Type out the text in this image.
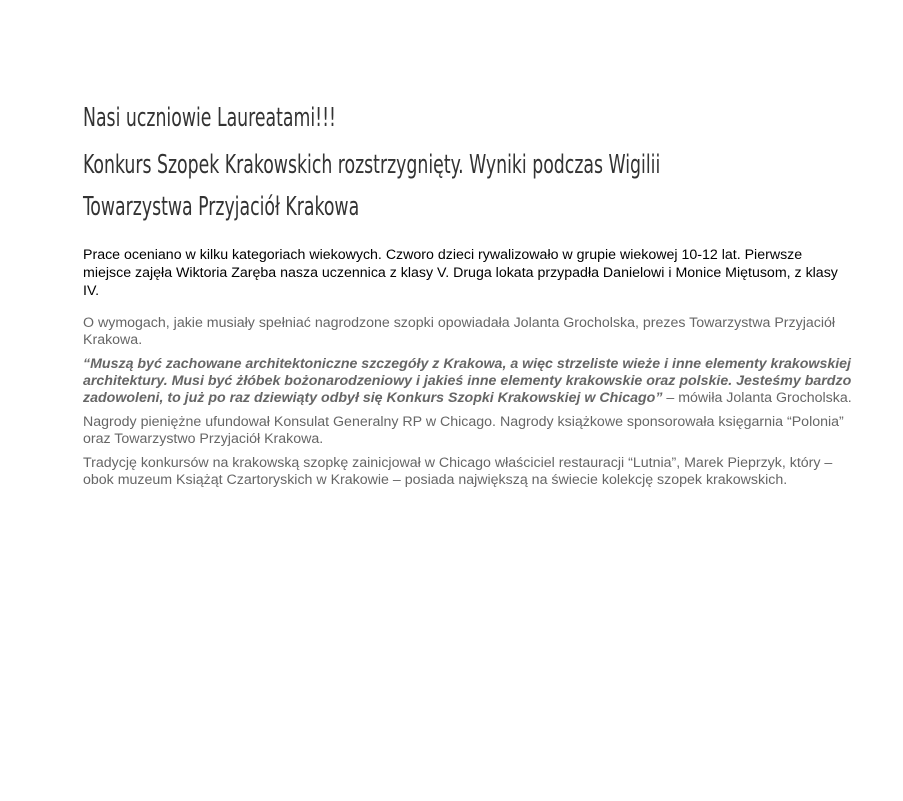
Nasi uczniowie Laureatami!!!
Konkurs Szopek Krakowskich rozstrzygnięty. Wyniki podczas Wigilii
Towarzystwa Przyjaciół Krakowa

Prace oceniano w kilku kategoriach wiekowych. Czworo dzieci rywalizowało w grupie wiekowej 10-12 lat. Pierwsze miejsce zajęła Wiktoria Zaręba nasza uczennica z klasy V. Druga lokata przypadła Danielowi i Monice Miętusom, z klasy IV.

O wymogach, jakie musiały spełniać nagrodzone szopki opowiadała Jolanta Grocholska, prezes Towarzystwa Przyjaciół Krakowa.

“Muszą być zachowane architektoniczne szczegóły z Krakowa, a więc strzeliste wieże i inne elementy krakowskiej architektury. Musi być żłóbek bożonarodzeniowy i jakieś inne elementy krakowskie oraz polskie. Jesteśmy bardzo zadowoleni, to już po raz dziewiąty odbył się Konkurs Szopki Krakowskiej w Chicago” – mówiła Jolanta Grocholska.

Nagrody pieniężne ufundował Konsulat Generalny RP w Chicago. Nagrody książkowe sponsorowała księgarnia “Polonia” oraz Towarzystwo Przyjaciół Krakowa.

Tradycję konkursów na krakowską szopkę zainicjował w Chicago właściciel restauracji “Lutnia”, Marek Pieprzyk, który – obok muzeum Książąt Czartoryskich w Krakowie – posiada największą na świecie kolekcję szopek krakowskich.
